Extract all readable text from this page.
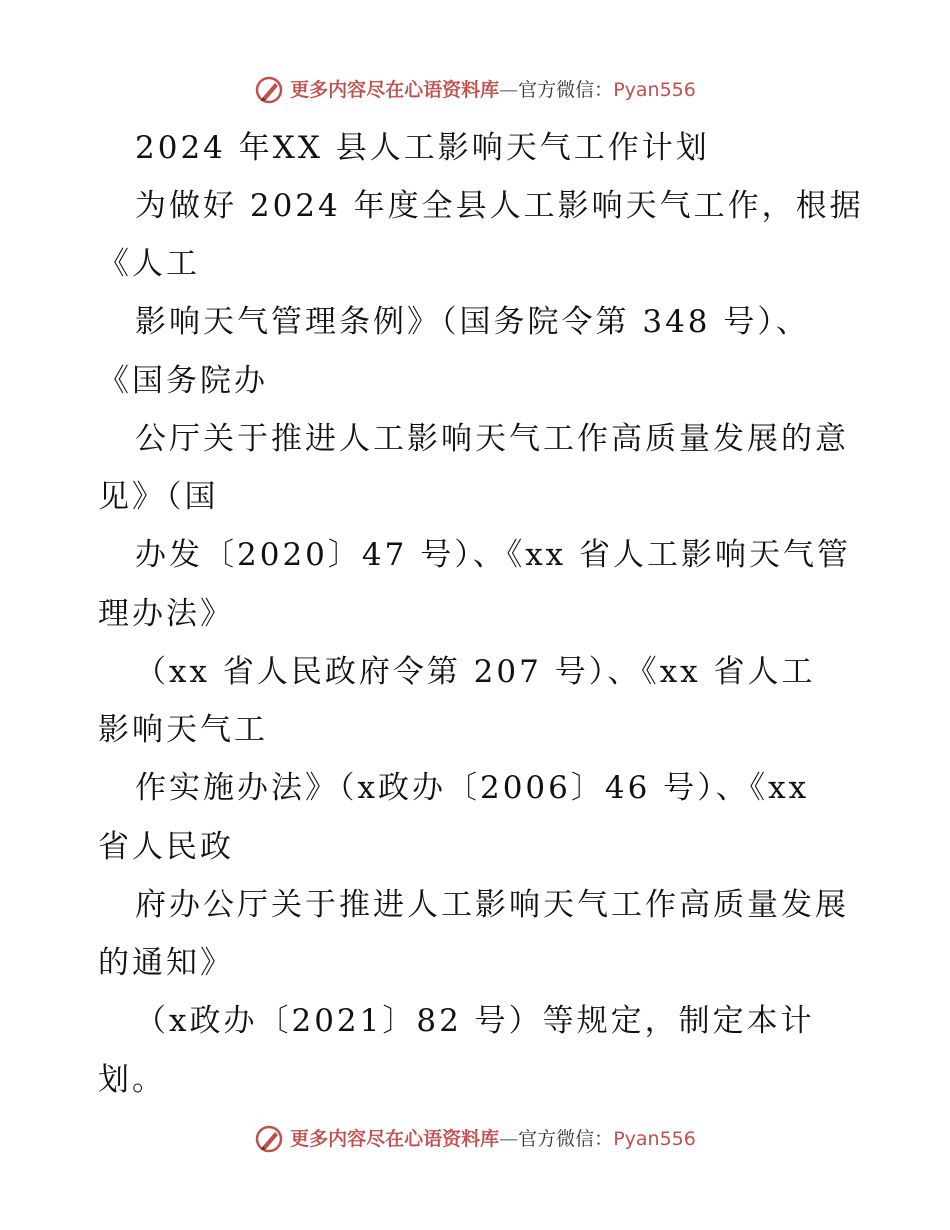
更多内容尽在心语资料库 — 官方微信： Pyan556
2024 年XX 县人工影响天气工作计划
为做好 2024 年度全县人工影响天气工作，根据
《人工
影响天气管理条例》（国务院令第 348 号）、
《国务院办
公厅关于推进人工影响天气工作高质量发展的意
见》（国
办发〔2020〕47 号）、《xx 省人工影响天气管
理办法》
（xx 省人民政府令第 207 号）、《xx 省人工
影响天气工
作实施办法》（x政办〔2006〕46 号）、《xx
省人民政
府办公厅关于推进人工影响天气工作高质量发展
的通知》
（x政办〔2021〕82 号）等规定，制定本计
划。
更多内容尽在心语资料库 — 官方微信： Pyan556
